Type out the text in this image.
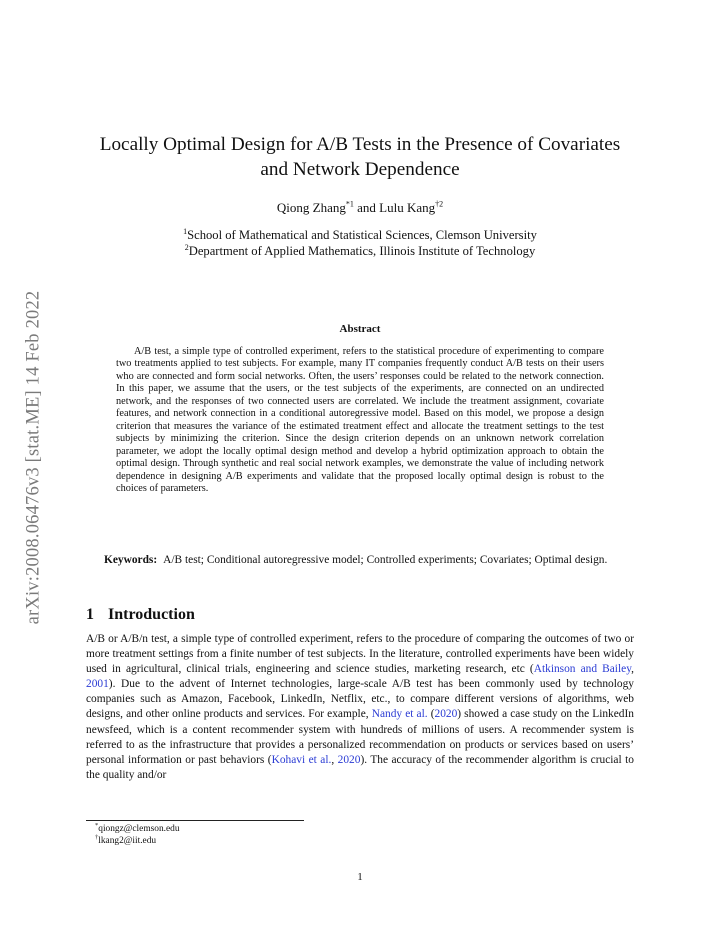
arXiv:2008.06476v3 [stat.ME] 14 Feb 2022
Locally Optimal Design for A/B Tests in the Presence of Covariates
and Network Dependence
Qiong Zhang$^{*1}$ and Lulu Kang$^{\dagger 2}$
$^1$School of Mathematical and Statistical Sciences, Clemson University
$^2$Department of Applied Mathematics, Illinois Institute of Technology
Abstract
A/B test, a simple type of controlled experiment, refers to the statistical procedure of experimenting to compare two treatments applied to test subjects. For example, many IT companies frequently conduct A/B tests on their users who are connected and form social networks. Often, the users’ responses could be related to the network connection. In this paper, we assume that the users, or the test subjects of the experiments, are connected on an undirected network, and the responses of two connected users are correlated. We include the treatment assignment, covariate features, and network connection in a conditional autoregressive model. Based on this model, we propose a design criterion that measures the variance of the estimated treatment effect and allocate the treatment settings to the test subjects by minimizing the criterion. Since the design criterion depends on an unknown network correlation parameter, we adopt the locally optimal design method and develop a hybrid optimization approach to obtain the optimal design. Through synthetic and real social network examples, we demonstrate the value of including network dependence in designing A/B experiments and validate that the proposed locally optimal design is robust to the choices of parameters.
Keywords: A/B test; Conditional autoregressive model; Controlled experiments; Covariates; Optimal design.
1 Introduction
A/B or A/B/n test, a simple type of controlled experiment, refers to the procedure of comparing the outcomes of two or more treatment settings from a finite number of test subjects. In the literature, controlled experiments have been widely used in agricultural, clinical trials, engineering and science studies, marketing research, etc (Atkinson and Bailey, 2001). Due to the advent of Internet technologies, large-scale A/B test has been commonly used by technology companies such as Amazon, Facebook, LinkedIn, Netflix, etc., to compare different versions of algorithms, web designs, and other online products and services. For example, Nandy et al. (2020) showed a case study on the LinkedIn newsfeed, which is a content recommender system with hundreds of millions of users. A recommender system is referred to as the infrastructure that provides a personalized recommendation on products or services based on users’ personal information or past behaviors (Kohavi et al., 2020). The accuracy of the recommender algorithm is crucial to the quality and/or
*qiongz@clemson.edu
†lkang2@iit.edu
1
